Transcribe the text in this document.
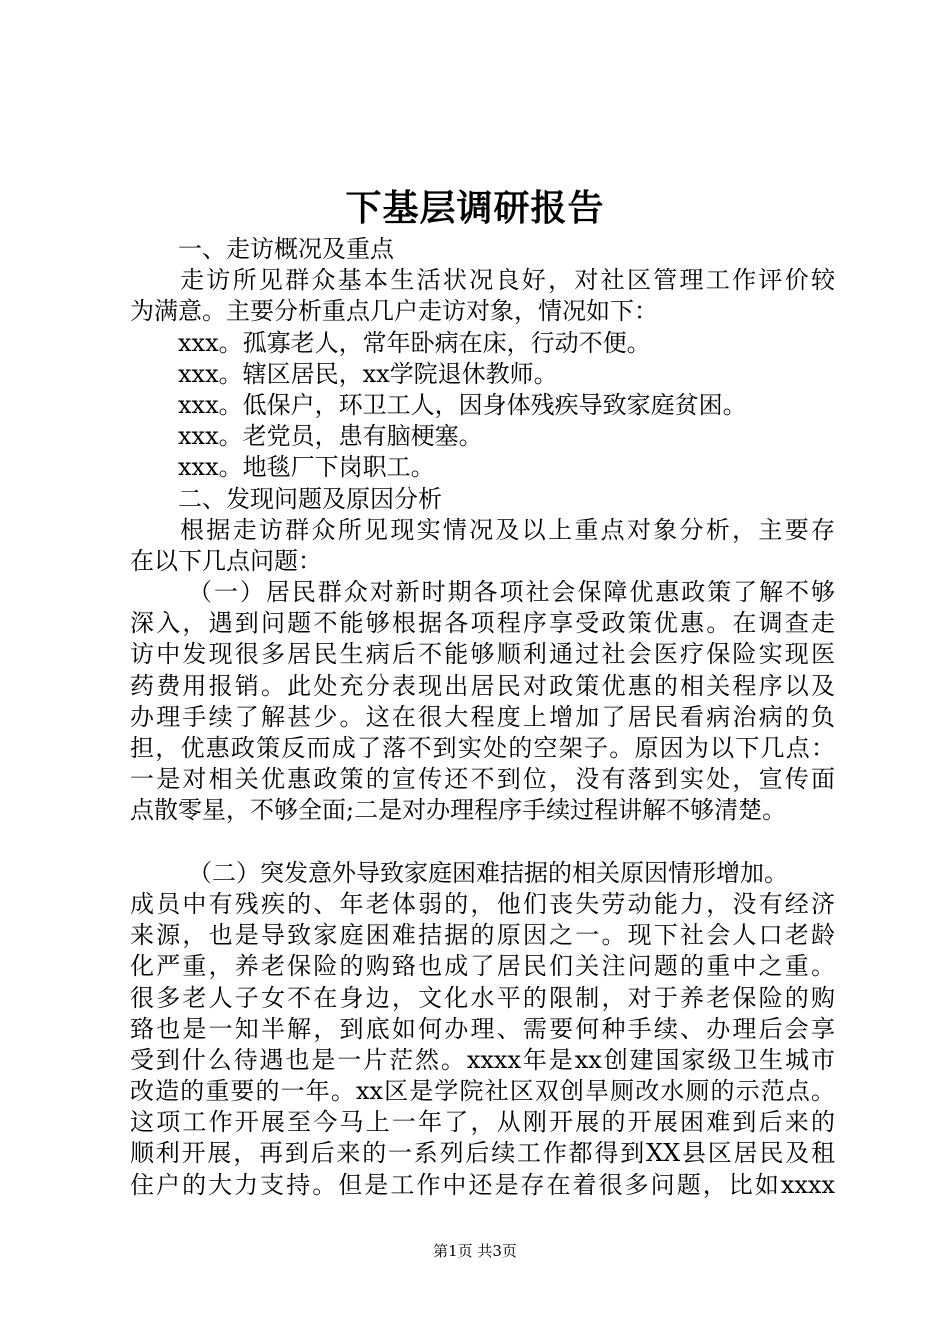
下基层调研报告
一、走访概况及重点
走访所见群众基本生活状况良好，对社区管理工作评价较
为满意。主要分析重点几户走访对象，情况如下：
xxx。孤寡老人，常年卧病在床，行动不便。
xxx。辖区居民，xx学院退休教师。
xxx。低保户，环卫工人，因身体残疾导致家庭贫困。
xxx。老党员，患有脑梗塞。
xxx。地毯厂下岗职工。
二、发现问题及原因分析
根据走访群众所见现实情况及以上重点对象分析，主要存
在以下几点问题：
（一）居民群众对新时期各项社会保障优惠政策了解不够
深入，遇到问题不能够根据各项程序享受政策优惠。在调查走
访中发现很多居民生病后不能够顺利通过社会医疗保险实现医
药费用报销。此处充分表现出居民对政策优惠的相关程序以及
办理手续了解甚少。这在很大程度上增加了居民看病治病的负
担，优惠政策反而成了落不到实处的空架子。原因为以下几点：
一是对相关优惠政策的宣传还不到位，没有落到实处，宣传面
点散零星，不够全面;二是对办理程序手续过程讲解不够清楚。
（二）突发意外导致家庭困难拮据的相关原因情形增加。
成员中有残疾的、年老体弱的，他们丧失劳动能力，没有经济
来源，也是导致家庭困难拮据的原因之一。现下社会人口老龄
化严重，养老保险的购臵也成了居民们关注问题的重中之重。
很多老人子女不在身边，文化水平的限制，对于养老保险的购
臵也是一知半解，到底如何办理、需要何种手续、办理后会享
受到什么待遇也是一片茫然。xxxx年是xx创建国家级卫生城市
改造的重要的一年。xx区是学院社区双创旱厕改水厕的示范点。
这项工作开展至今马上一年了，从刚开展的开展困难到后来的
顺利开展，再到后来的一系列后续工作都得到XX县区居民及租
住户的大力支持。但是工作中还是存在着很多问题，比如xxxx
第1页 共3页
